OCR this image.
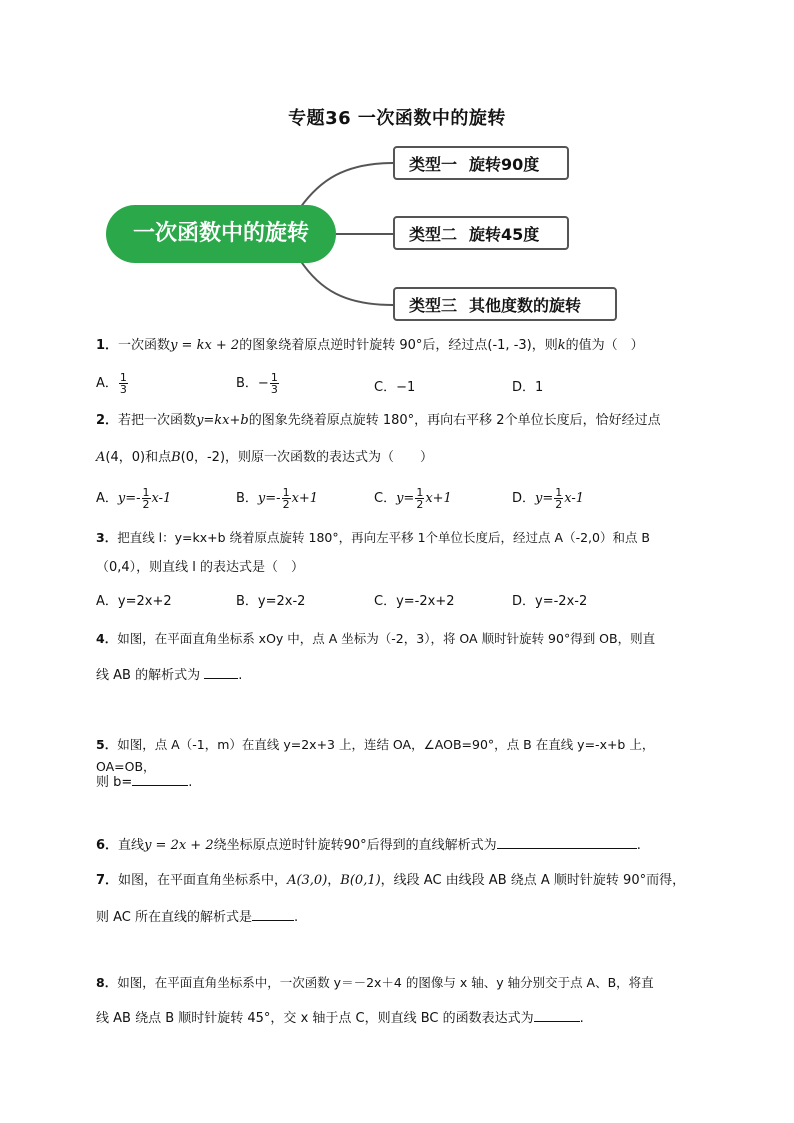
专题36 一次函数中的旋转
一次函数中的旋转
类型一 旋转90度
类型二 旋转45度
类型三 其他度数的旋转
1．一次函数y = kx + 2的图象绕着原点逆时针旋转 90°后，经过点(-1, -3)，则k的值为（　）
A． $\frac{1}{3}$	B．− $\frac{1}{3}$	C．−1	D．1
2．若把一次函数y=kx+b的图象先绕着原点旋转 180°，再向右平移 2个单位长度后，恰好经过点
A(4，0)和点B(0，-2)，则原一次函数的表达式为（　　）
A．$y=- \frac{1}{2} x-1$	B．$y=- \frac{1}{2} x+1$	C．$y= \frac{1}{2} x+1$	D．$y= \frac{1}{2} x-1$
3．把直线 l：y=kx+b 绕着原点旋转 180°，再向左平移 1个单位长度后，经过点 A（-2,0）和点 B
（0,4），则直线 l 的表达式是（　）
A．y=2x+2	B．y=2x-2	C．y=-2x+2	D．y=-2x-2
4．如图，在平面直角坐标系 xOy 中，点 A 坐标为（-2，3），将 OA 顺时针旋转 90°得到 OB，则直
线 AB 的解析式为	.
5．如图，点 A（-1，m）在直线 y=2x+3 上，连结 OA，∠AOB=90°，点 B 在直线 y=-x+b 上，OA=OB，
则 b=	.
6．直线y = 2x + 2绕坐标原点逆时针旋转90°后得到的直线解析式为	.
7．如图，在平面直角坐标系中，A(3,0)，B(0,1)，线段 AC 由线段 AB 绕点 A 顺时针旋转 90°而得，
则 AC 所在直线的解析式是	.
8．如图，在平面直角坐标系中，一次函数 y＝－2x＋4 的图像与 x 轴、y 轴分别交于点 A、B，将直
线 AB 绕点 B 顺时针旋转 45°，交 x 轴于点 C，则直线 BC 的函数表达式为	.
